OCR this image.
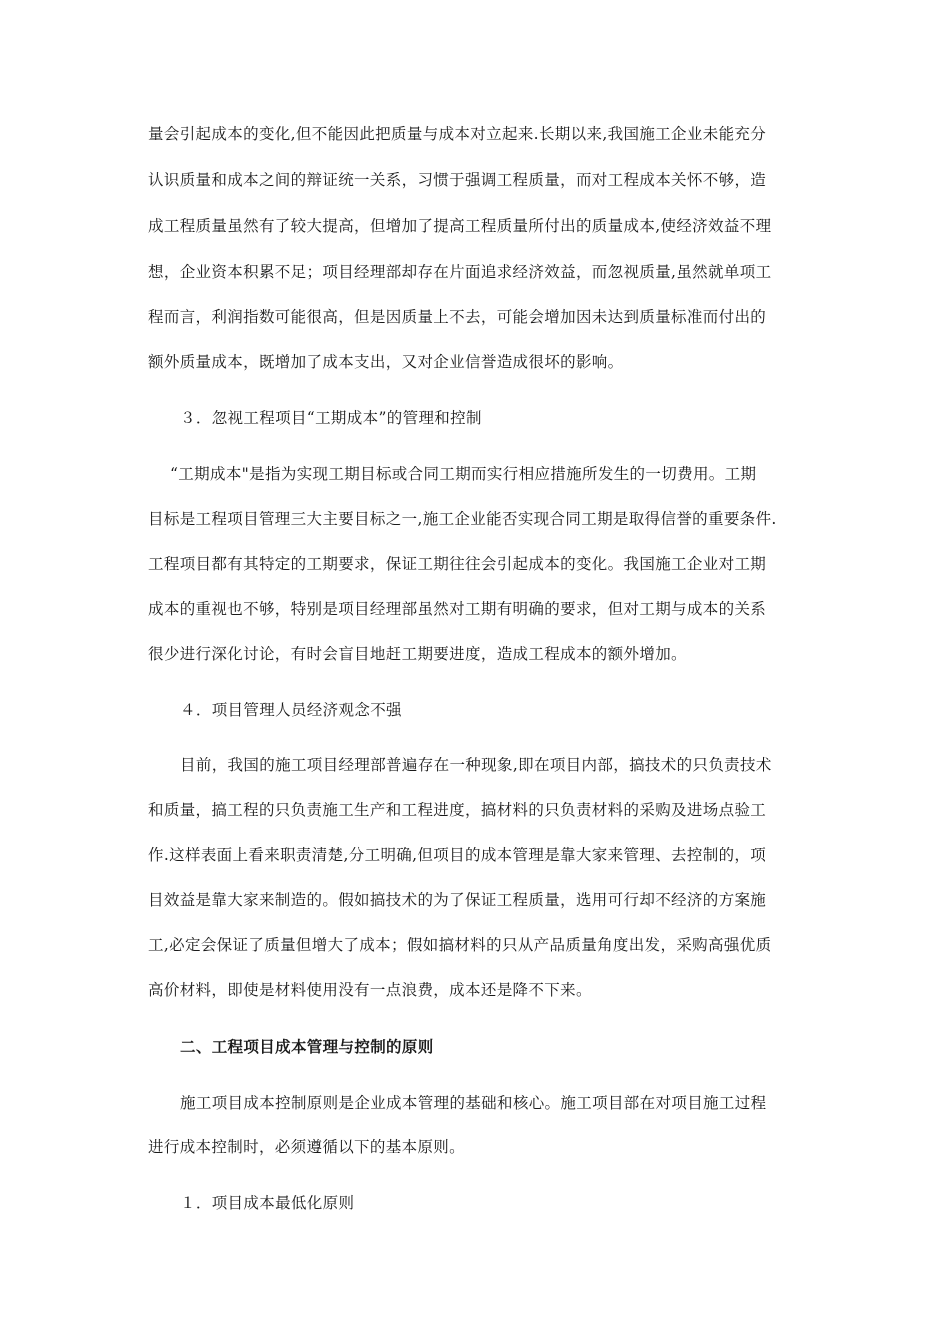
量会引起成本的变化,但不能因此把质量与成本对立起来.长期以来,我国施工企业未能充分
认识质量和成本之间的辩证统一关系，习惯于强调工程质量，而对工程成本关怀不够，造
成工程质量虽然有了较大提高，但增加了提高工程质量所付出的质量成本,使经济效益不理
想，企业资本积累不足；项目经理部却存在片面追求经济效益，而忽视质量,虽然就单项工
程而言，利润指数可能很高，但是因质量上不去，可能会增加因未达到质量标准而付出的
额外质量成本，既增加了成本支出，又对企业信誉造成很坏的影响。
３．忽视工程项目“工期成本”的管理和控制
“工期成本"是指为实现工期目标或合同工期而实行相应措施所发生的一切费用。工期
目标是工程项目管理三大主要目标之一,施工企业能否实现合同工期是取得信誉的重要条件.
工程项目都有其特定的工期要求，保证工期往往会引起成本的变化。我国施工企业对工期
成本的重视也不够，特别是项目经理部虽然对工期有明确的要求，但对工期与成本的关系
很少进行深化讨论，有时会盲目地赶工期要进度，造成工程成本的额外增加。
４．项目管理人员经济观念不强
目前，我国的施工项目经理部普遍存在一种现象,即在项目内部，搞技术的只负责技术
和质量，搞工程的只负责施工生产和工程进度，搞材料的只负责材料的采购及进场点验工
作.这样表面上看来职责清楚,分工明确,但项目的成本管理是靠大家来管理、去控制的，项
目效益是靠大家来制造的。假如搞技术的为了保证工程质量，选用可行却不经济的方案施
工,必定会保证了质量但增大了成本；假如搞材料的只从产品质量角度出发，采购高强优质
高价材料，即使是材料使用没有一点浪费，成本还是降不下来。
二、工程项目成本管理与控制的原则
施工项目成本控制原则是企业成本管理的基础和核心。施工项目部在对项目施工过程
进行成本控制时，必须遵循以下的基本原则。
１．项目成本最低化原则
